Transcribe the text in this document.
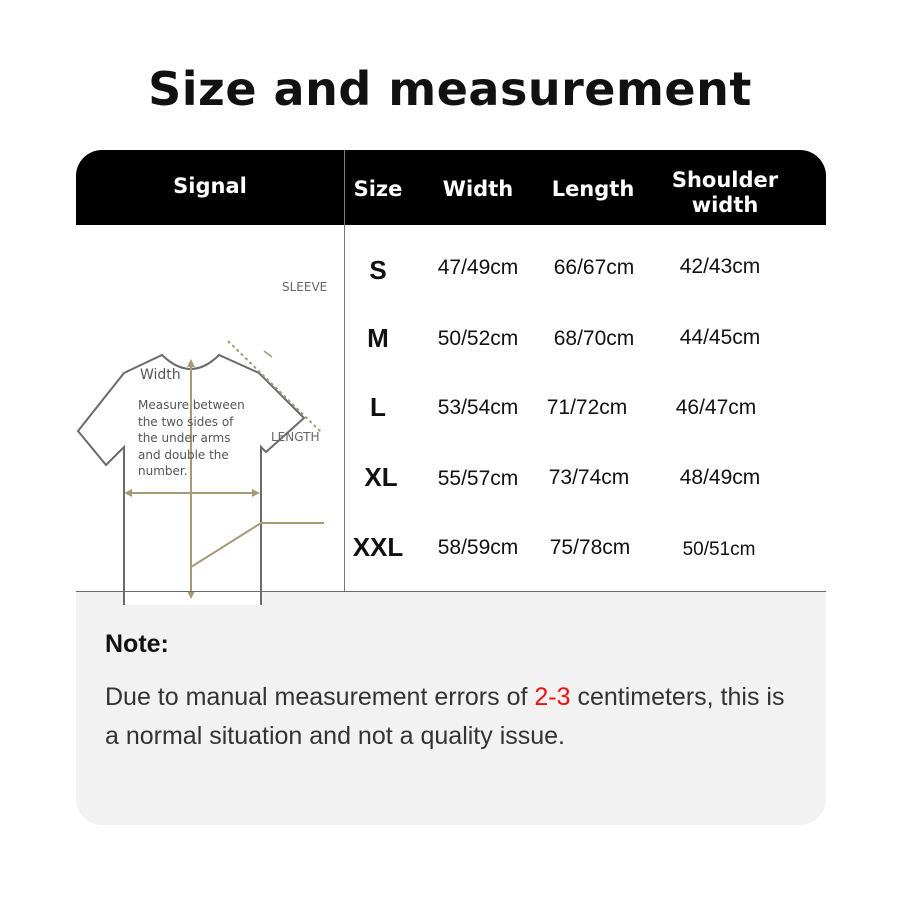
Size and measurement
Signal	Size	Width	Length	Shoulder
width
SLEEVE
Width
LENGTH
Measure between
the two sides of
the under arms
and double the
number.
S	47/49cm	66/67cm	42/43cm
M	50/52cm	68/70cm	44/45cm
L	53/54cm	71/72cm	46/47cm
XL	55/57cm	73/74cm	48/49cm
XXL	58/59cm	75/78cm	50/51cm
Note:
Due to manual measurement errors of 2-3 centimeters, this is a normal situation and not a quality issue.
